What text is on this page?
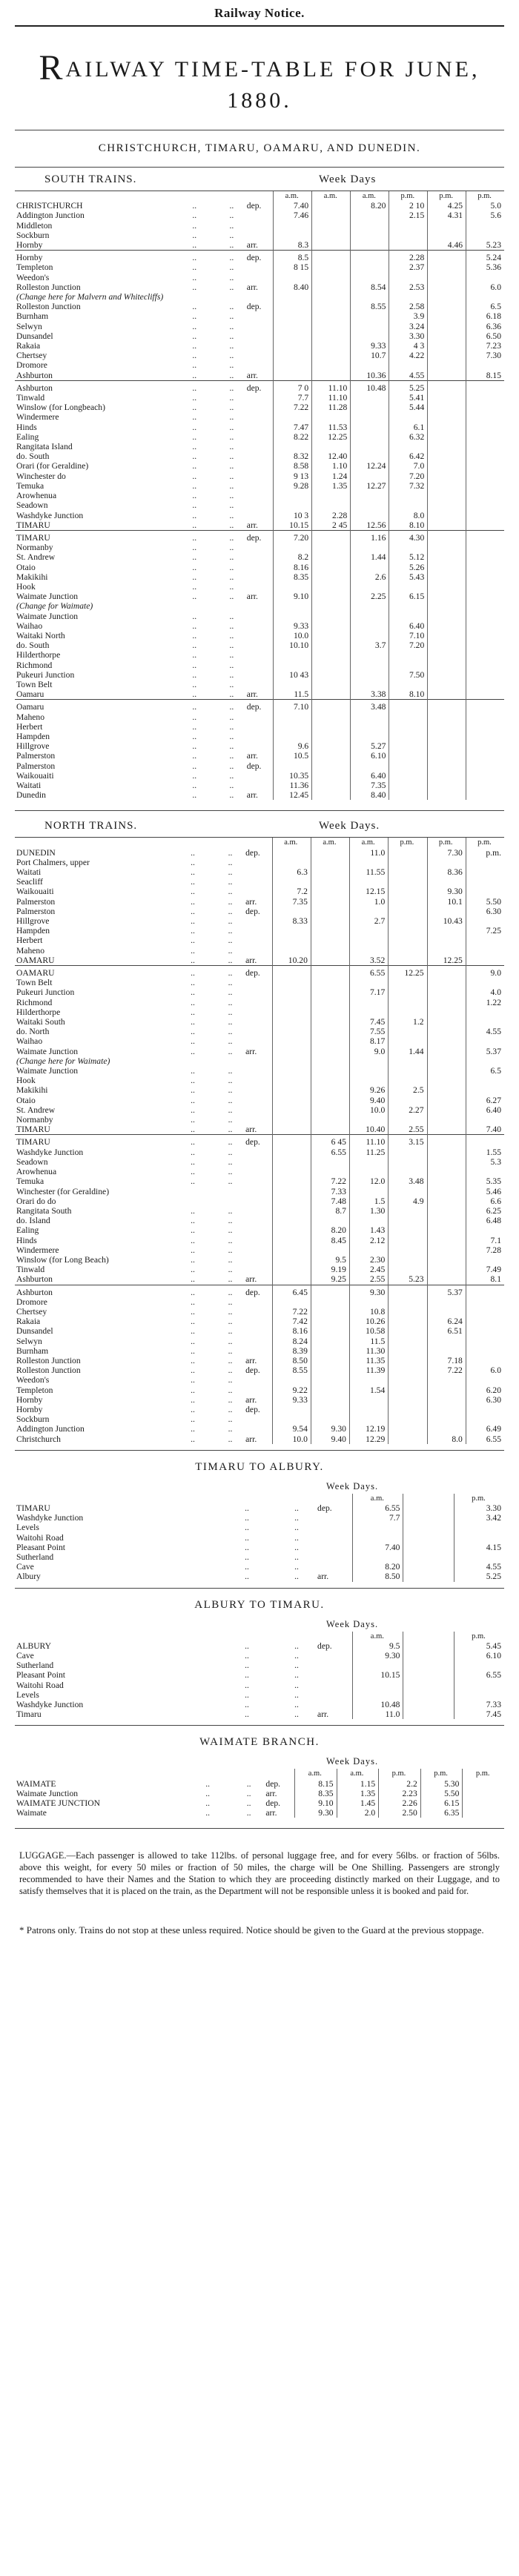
Railway Notice.
RAILWAY TIME-TABLE FOR JUNE, 1880.
CHRISTCHURCH, TIMARU, OAMARU, AND DUNEDIN.
SOUTH TRAINS.	Week Days
				a.m.	a.m.	a.m.	p.m.	p.m.	p.m.
CHRISTCHURCH	..	..	dep.	7.40		8.20	2 10	4.25	5.0
Addington Junction	..	..		7.46			2.15	4.31	5.6
Middleton	..	..							
Sockburn	..	..							
Hornby	..	..	arr.	8.3				4.46	5.23
Hornby	..	..	dep.	8.5			2.28		5.24
Templeton	..	..		8 15			2.37		5.36
Weedon's	..	..							
Rolleston Junction	..	..	arr.	8.40		8.54	2.53		6.0
(Change here for Malvern and Whitecliffs)									
Rolleston Junction	..	..	dep.			8.55	2.58		6.5
Burnham	..	..					3.9		6.18
Selwyn	..	..					3.24		6.36
Dunsandel	..	..					3.30		6.50
Rakaia	..	..				9.33	4 3		7.23
Chertsey	..	..				10.7	4.22		7.30
Dromore	..	..							
Ashburton	..	..	arr.			10.36	4.55		8.15
Ashburton	..	..	dep.	7 0	11.10	10.48	5.25		
Tinwald	..	..		7.7	11.10		5.41		
Winslow (for Longbeach)	..	..		7.22	11.28		5.44		
Windermere	..	..							
Hinds	..	..		7.47	11.53		6.1		
Ealing	..	..		8.22	12.25		6.32		
Rangitata Island	..	..							
do. South	..	..		8.32	12.40		6.42		
Orari (for Geraldine)	..	..		8.58	1.10	12.24	7.0		
Winchester do	..	..		9 13	1.24		7.20		
Temuka	..	..		9.28	1.35	12.27	7.32		
Arowhenua	..	..							
Seadown	..	..							
Washdyke Junction	..	..		10 3	2.28		8.0		
TIMARU	..	..	arr.	10.15	2 45	12.56	8.10		
TIMARU	..	..	dep.	7.20		1.16	4.30		
Normanby	..	..							
St. Andrew	..	..		8.2		1.44	5.12		
Otaio	..	..		8.16			5.26		
Makikihi	..	..		8.35		2.6	5.43		
Hook	..	..							
Waimate Junction	..	..	arr.	9.10		2.25	6.15		
(Change for Waimate)									
Waimate Junction	..	..							
Waihao	..	..		9.33			6.40		
Waitaki North	..	..		10.0			7.10		
do. South	..	..		10.10		3.7	7.20		
Hilderthorpe	..	..							
Richmond	..	..							
Pukeuri Junction	..	..		10 43			7.50		
Town Belt	..	..							
Oamaru	..	..	arr.	11.5		3.38	8.10		
Oamaru	..	..	dep.	7.10		3.48			
Maheno	..	..							
Herbert	..	..							
Hampden	..	..							
Hillgrove	..	..		9.6		5.27			
Palmerston	..	..	arr.	10.5		6.10			
Palmerston	..	..	dep.						
Waikouaiti	..	..		10.35		6.40			
Waitati	..	..		11.36		7.35			
Dunedin	..	..	arr.	12.45		8.40			
NORTH TRAINS.	Week Days.
				a.m.	a.m.	a.m.	p.m.	p.m.	p.m.
DUNEDIN	..	..	dep.			11.0		7.30	p.m.
Port Chalmers, upper	..	..							
Waitati	..	..		6.3		11.55		8.36	
Seacliff	..	..							
Waikouaiti	..	..		7.2		12.15		9.30	
Palmerston	..	..	arr.	7.35		1.0		10.1	5.50
Palmerston	..	..	dep.						6.30
Hillgrove	..	..		8.33		2.7		10.43	
Hampden	..	..							7.25
Herbert	..	..							
Maheno	..	..							
OAMARU	..	..	arr.	10.20		3.52		12.25	
OAMARU	..	..	dep.			6.55	12.25		9.0
Town Belt	..	..							
Pukeuri Junction	..	..				7.17			4.0
Richmond	..	..							1.22
Hilderthorpe	..	..							
Waitaki South	..	..				7.45	1.2		
do. North	..	..				7.55			4.55
Waihao	..	..				8.17			
Waimate Junction	..	..	arr.			9.0	1.44		5.37
(Change here for Waimate)									
Waimate Junction	..	..							6.5
Hook	..	..							
Makikihi	..	..				9.26	2.5		
Otaio	..	..				9.40			6.27
St. Andrew	..	..				10.0	2.27		6.40
Normanby	..	..							
TIMARU	..	..	arr.			10.40	2.55		7.40
TIMARU	..	..	dep.		6 45	11.10	3.15		
Washdyke Junction	..	..			6.55	11.25			1.55
Seadown	..	..							5.3
Arowhenua	..	..							
Temuka	..	..			7.22	12.0	3.48		5.35
Winchester (for Geraldine)					7.33				5.46
Orari do do					7.48	1.5	4.9		6.6
Rangitata South	..	..			8.7	1.30			6.25
do. Island	..	..							6.48
Ealing	..	..			8.20	1.43			
Hinds	..	..			8.45	2.12			7.1
Windermere	..	..							7.28
Winslow (for Long Beach)	..	..			9.5	2.30			
Tinwald	..	..			9.19	2.45			7.49
Ashburton	..	..	arr.		9.25	2.55	5.23		8.1
Ashburton	..	..	dep.	6.45		9.30		5.37	
Dromore	..	..							
Chertsey	..	..		7.22		10.8			
Rakaia	..	..		7.42		10.26		6.24	
Dunsandel	..	..		8.16		10.58		6.51	
Selwyn	..	..		8.24		11.5			
Burnham	..	..		8.39		11.30			
Rolleston Junction	..	..	arr.	8.50		11.35		7.18	
Rolleston Junction	..	..	dep.	8.55		11.39		7.22	6.0
Weedon's	..	..							
Templeton	..	..		9.22		1.54			6.20
Hornby	..	..	arr.	9.33					6.30
Hornby	..	..	dep.						
Sockburn	..	..							
Addington Junction	..	..		9.54	9.30	12.19			6.49
Christchurch	..	..	arr.	10.0	9.40	12.29		8.0	6.55
TIMARU TO ALBURY.
Week Days.
				a.m.		p.m.
TIMARU	..	..	dep.	6.55		3.30
Washdyke Junction	..	..		7.7		3.42
Levels	..	..				
Waitohi Road	..	..				
Pleasant Point	..	..		7.40		4.15
Sutherland	..	..				
Cave	..	..		8.20		4.55
Albury	..	..	arr.	8.50		5.25
ALBURY TO TIMARU.
Week Days.
				a.m.		p.m.
ALBURY	..	..	dep.	9.5		5.45
Cave	..	..		9.30		6.10
Sutherland	..	..				
Pleasant Point	..	..		10.15		6.55
Waitohi Road	..	..				
Levels	..	..				
Washdyke Junction	..	..		10.48		7.33
Timaru	..	..	arr.	11.0		7.45
WAIMATE BRANCH.
Week Days.
				a.m.	a.m.	p.m.	p.m.	p.m.
WAIMATE	..	..	dep.	8.15	1.15	2.2	5.30	
Waimate Junction	..	..	arr.	8.35	1.35	2.23	5.50	
WAIMATE JUNCTION	..	..	dep.	9.10	1.45	2.26	6.15	
Waimate	..	..	arr.	9.30	2.0	2.50	6.35	
LUGGAGE.—Each passenger is allowed to take 112lbs. of personal luggage free, and for every 56lbs. or fraction of 56lbs. above this weight, for every 50 miles or fraction of 50 miles, the charge will be One Shilling. Passengers are strongly recommended to have their Names and the Station to which they are proceeding distinctly marked on their Luggage, and to satisfy themselves that it is placed on the train, as the Department will not be responsible unless it is booked and paid for.
* Patrons only. Trains do not stop at these unless required. Notice should be given to the Guard at the previous stoppage.
